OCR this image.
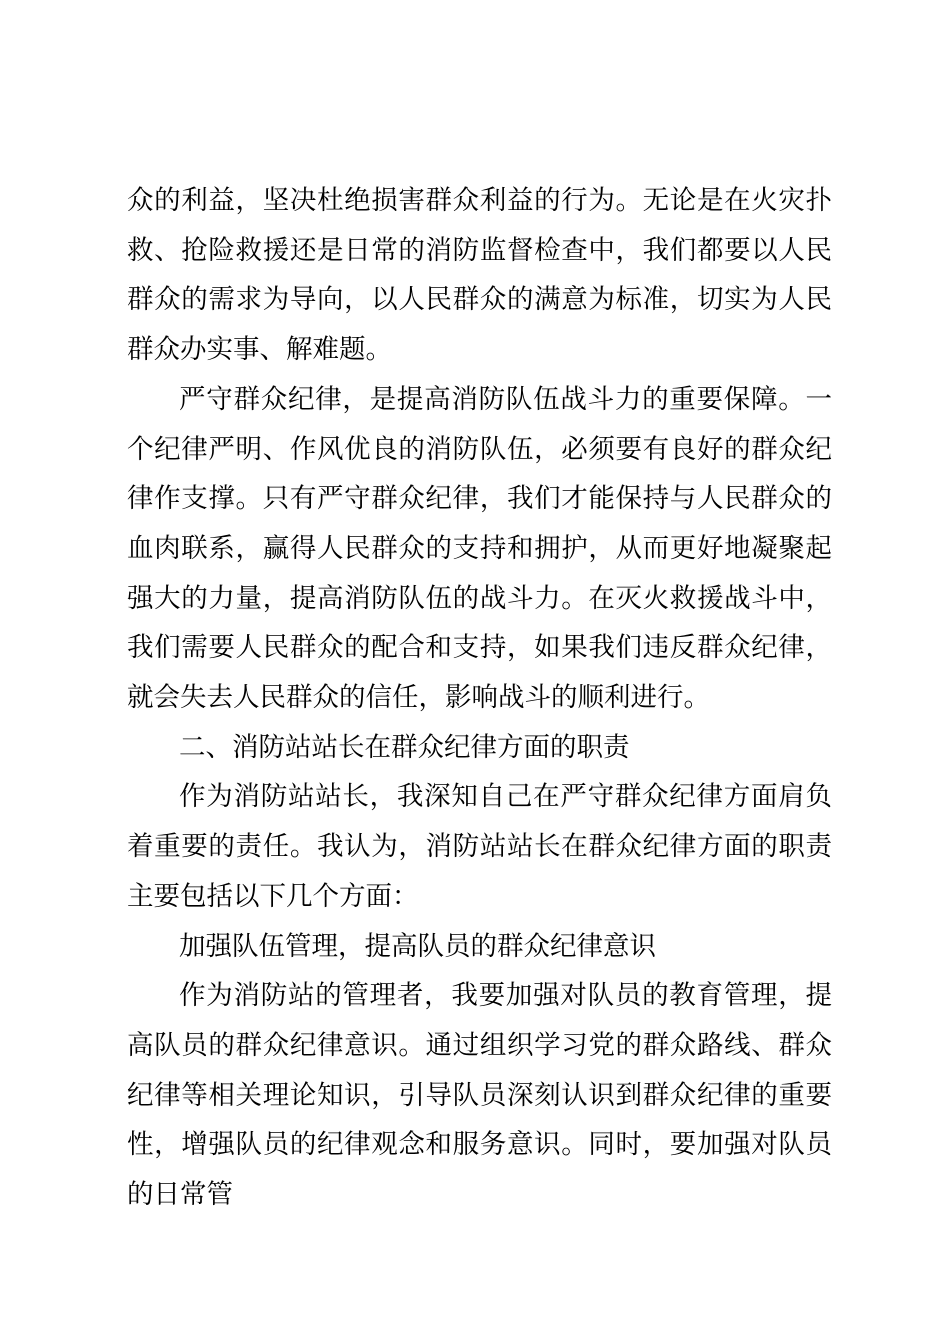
众的利益，坚决杜绝损害群众利益的行为。无论是在火灾扑救、抢险救援还是日常的消防监督检查中，我们都要以人民群众的需求为导向，以人民群众的满意为标准，切实为人民群众办实事、解难题。

严守群众纪律，是提高消防队伍战斗力的重要保障。一个纪律严明、作风优良的消防队伍，必须要有良好的群众纪律作支撑。只有严守群众纪律，我们才能保持与人民群众的血肉联系，赢得人民群众的支持和拥护，从而更好地凝聚起强大的力量，提高消防队伍的战斗力。在灭火救援战斗中，我们需要人民群众的配合和支持，如果我们违反群众纪律，就会失去人民群众的信任，影响战斗的顺利进行。

二、消防站站长在群众纪律方面的职责

作为消防站站长，我深知自己在严守群众纪律方面肩负着重要的责任。我认为，消防站站长在群众纪律方面的职责主要包括以下几个方面：

加强队伍管理，提高队员的群众纪律意识

作为消防站的管理者，我要加强对队员的教育管理，提高队员的群众纪律意识。通过组织学习党的群众路线、群众纪律等相关理论知识，引导队员深刻认识到群众纪律的重要性，增强队员的纪律观念和服务意识。同时，要加强对队员的日常管
